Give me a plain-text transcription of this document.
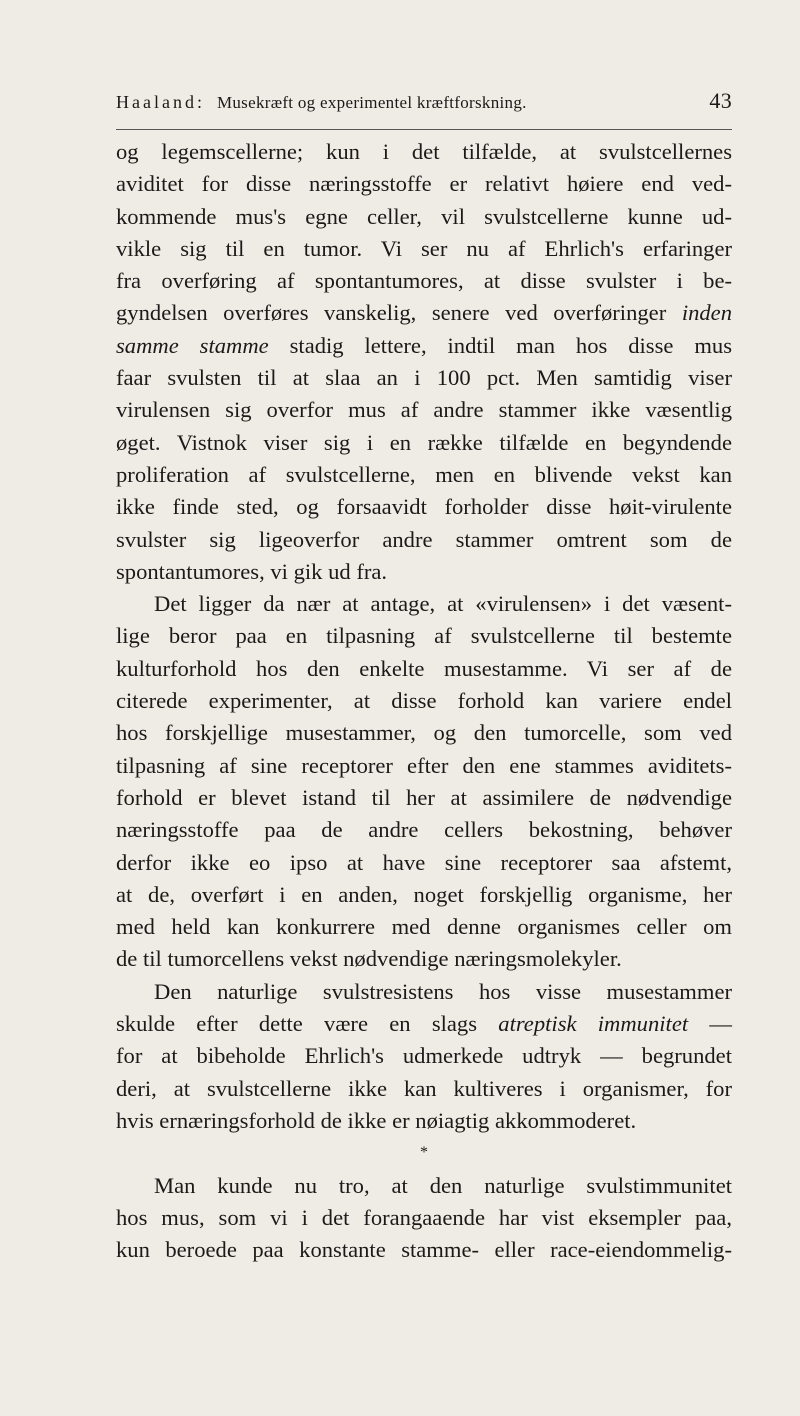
Haaland: Musekræft og experimentel kræftforskning.	43
og legemscellerne; kun i det tilfælde, at svulstcellernes
aviditet for disse næringsstoffe er relativt høiere end ved-
kommende mus's egne celler, vil svulstcellerne kunne ud-
vikle sig til en tumor. Vi ser nu af Ehrlich's erfaringer
fra overføring af spontantumores, at disse svulster i be-
gyndelsen overføres vanskelig, senere ved overføringer inden
samme stamme stadig lettere, indtil man hos disse mus
faar svulsten til at slaa an i 100 pct. Men samtidig viser
virulensen sig overfor mus af andre stammer ikke væsentlig
øget. Vistnok viser sig i en række tilfælde en begyndende
proliferation af svulstcellerne, men en blivende vekst kan
ikke finde sted, og forsaavidt forholder disse høit-virulente
svulster sig ligeoverfor andre stammer omtrent som de
spontantumores, vi gik ud fra.
Det ligger da nær at antage, at «virulensen» i det væsent-
lige beror paa en tilpasning af svulstcellerne til bestemte
kulturforhold hos den enkelte musestamme. Vi ser af de
citerede experimenter, at disse forhold kan variere endel
hos forskjellige musestammer, og den tumorcelle, som ved
tilpasning af sine receptorer efter den ene stammes aviditets-
forhold er blevet istand til her at assimilere de nødvendige
næringsstoffe paa de andre cellers bekostning, behøver
derfor ikke eo ipso at have sine receptorer saa afstemt,
at de, overført i en anden, noget forskjellig organisme, her
med held kan konkurrere med denne organismes celler om
de til tumorcellens vekst nødvendige næringsmolekyler.
Den naturlige svulstresistens hos visse musestammer
skulde efter dette være en slags atreptisk immunitet —
for at bibeholde Ehrlich's udmerkede udtryk — begrundet
deri, at svulstcellerne ikke kan kultiveres i organismer, for
hvis ernæringsforhold de ikke er nøiagtig akkommoderet.
*
Man kunde nu tro, at den naturlige svulstimmunitet
hos mus, som vi i det forangaaende har vist eksempler paa,
kun beroede paa konstante stamme- eller race-eiendommelig-
